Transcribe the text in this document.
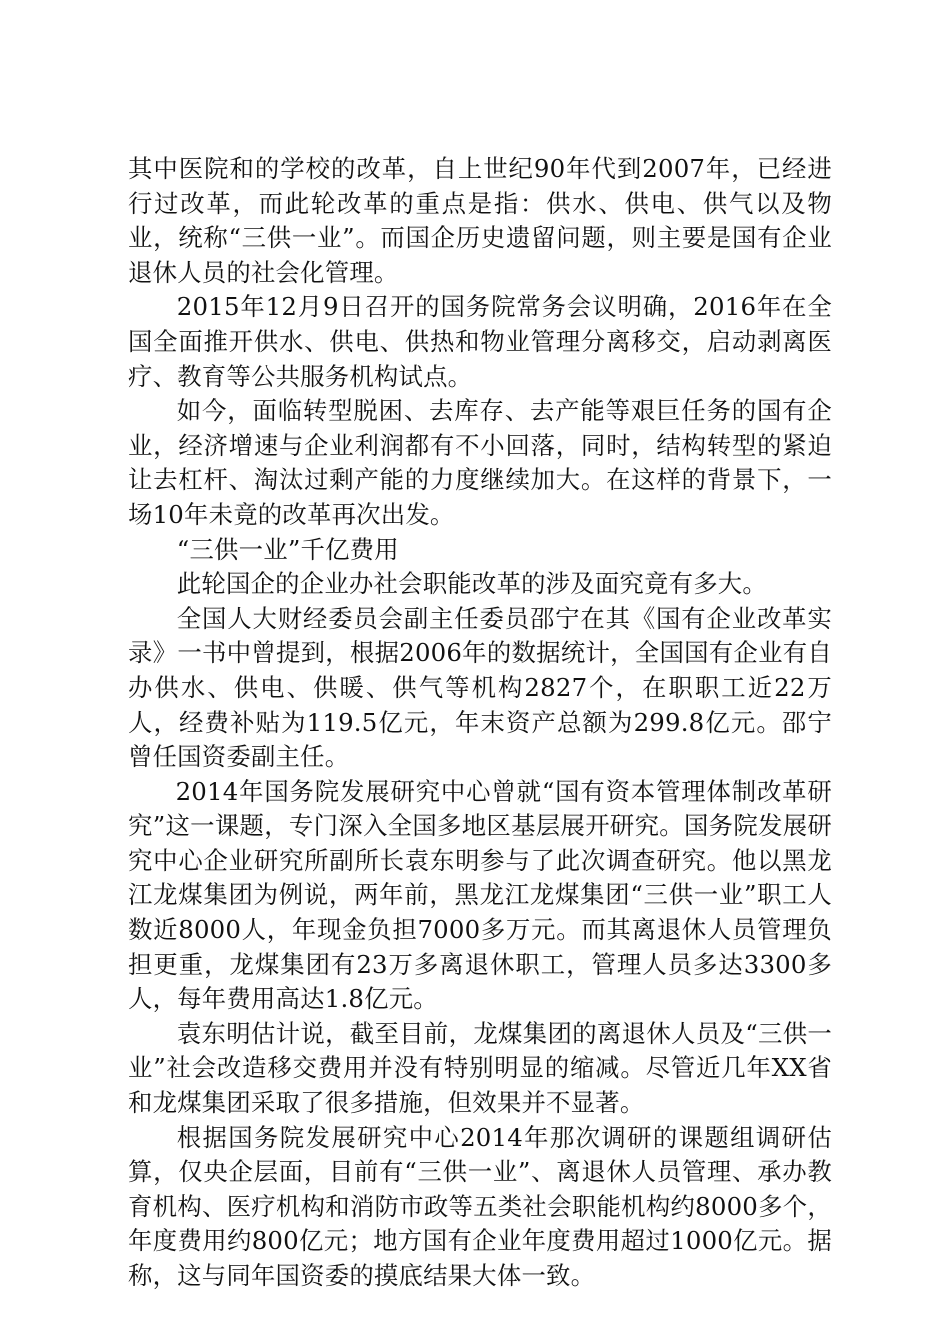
其中医院和的学校的改革，自上世纪90年代到2007年，已经进行过改革，而此轮改革的重点是指：供水、供电、供气以及物业，统称“三供一业”。而国企历史遗留问题，则主要是国有企业退休人员的社会化管理。

2015年12月9日召开的国务院常务会议明确，2016年在全国全面推开供水、供电、供热和物业管理分离移交，启动剥离医疗、教育等公共服务机构试点。

如今，面临转型脱困、去库存、去产能等艰巨任务的国有企业，经济增速与企业利润都有不小回落，同时，结构转型的紧迫让去杠杆、淘汰过剩产能的力度继续加大。在这样的背景下，一场10年未竟的改革再次出发。

“三供一业”千亿费用

此轮国企的企业办社会职能改革的涉及面究竟有多大。

全国人大财经委员会副主任委员邵宁在其《国有企业改革实录》一书中曾提到，根据2006年的数据统计，全国国有企业有自办供水、供电、供暖、供气等机构2827个，在职职工近22万人，经费补贴为119.5亿元，年末资产总额为299.8亿元。邵宁曾任国资委副主任。

2014年国务院发展研究中心曾就“国有资本管理体制改革研究”这一课题，专门深入全国多地区基层展开研究。国务院发展研究中心企业研究所副所长袁东明参与了此次调查研究。他以黑龙江龙煤集团为例说，两年前，黑龙江龙煤集团“三供一业”职工人数近8000人，年现金负担7000多万元。而其离退休人员管理负担更重，龙煤集团有23万多离退休职工，管理人员多达3300多人，每年费用高达1.8亿元。

袁东明估计说，截至目前，龙煤集团的离退休人员及“三供一业”社会改造移交费用并没有特别明显的缩减。尽管近几年XX省和龙煤集团采取了很多措施，但效果并不显著。

根据国务院发展研究中心2014年那次调研的课题组调研估算，仅央企层面，目前有“三供一业”、离退休人员管理、承办教育机构、医疗机构和消防市政等五类社会职能机构约8000多个，年度费用约800亿元；地方国有企业年度费用超过1000亿元。据称，这与同年国资委的摸底结果大体一致。
